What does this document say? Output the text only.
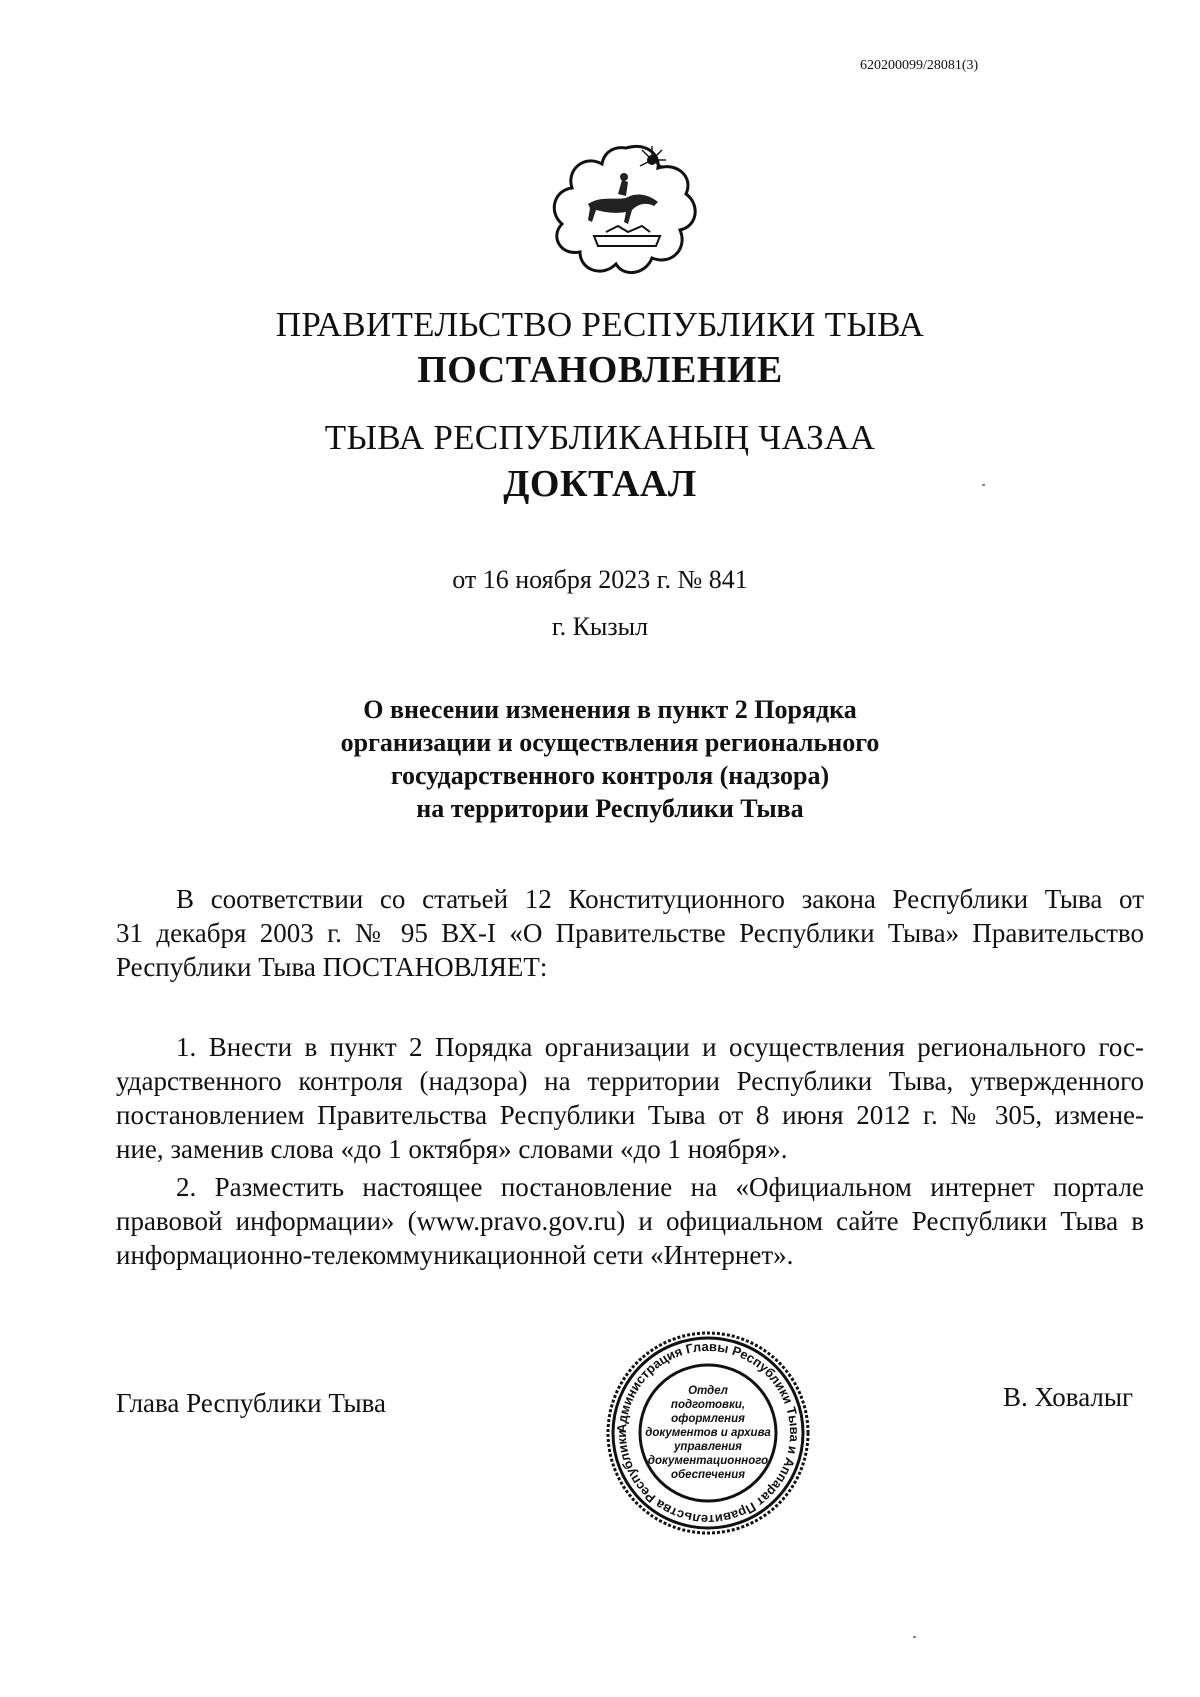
620200099/28081(3)
ПРАВИТЕЛЬСТВО РЕСПУБЛИКИ ТЫВА
ПОСТАНОВЛЕНИЕ
ТЫВА РЕСПУБЛИКАНЫҢ ЧАЗАА
ДОКТААЛ
от 16 ноября 2023 г. № 841
г. Кызыл
О внесении изменения в пункт 2 Порядка
организации и осуществления регионального
государственного контроля (надзора)
на территории Республики Тыва
В соответствии со статьей 12 Конституционного закона Республики Тыва от
31 декабря 2003 г. № 95 ВХ-I «О Правительстве Республики Тыва» Правительство
Республики Тыва ПОСТАНОВЛЯЕТ:
1. Внести в пункт 2 Порядка организации и осуществления регионального гос-
ударственного контроля (надзора) на территории Республики Тыва, утвержденного
постановлением Правительства Республики Тыва от 8 июня 2012 г. № 305, измене-
ние, заменив слова «до 1 октября» словами «до 1 ноября».
2. Разместить настоящее постановление на «Официальном интернет портале
правовой информации» (www.pravo.gov.ru) и официальном сайте Республики Тыва в
информационно-телекоммуникационной сети «Интернет».
Глава Республики Тыва	В. Ховалыг
Администрация Главы Республики Тыва и Аппарат Правительства Республики
Отдел
подготовки,
оформления
документов и архива
управления
документационного
обеспечения
